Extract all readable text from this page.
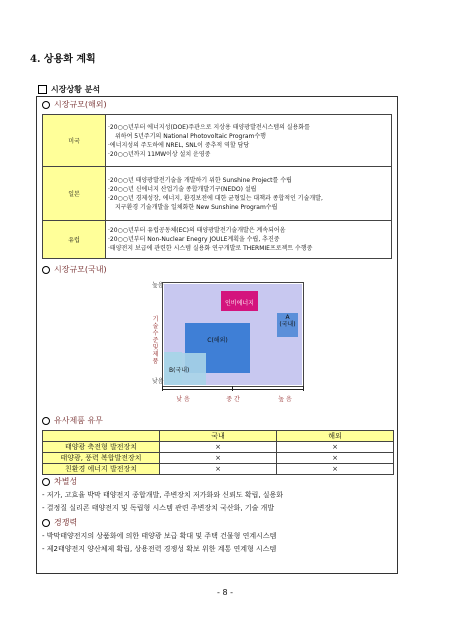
4. 상용화 계획
시장상황 분석
시장규모(해외)
미국	·20○○년부터 에너지성(DOE)주관으로 지상용 태양광발전시스템의 실용화를
위하여 5년주기의 National Photovoltaic Program수행
·에너지성의 주도하에 NREL, SNL이 중추적 역할 담당
·20○○년까지 11MW이상 설치 운영중

일본	·20○○년 태양광발전기술을 개발하기 위한 Sunshine Project를 수립
·20○○년 신에너지 산업기술 종합개발기구(NEDO) 설립
·20○○년 경제성장, 에너지, 환경보전에 대한 균형있는 대책과 종합적인 기술개발,
지구환경 기술개발을 일체화한 New Sunshine Program수립

유럽	·20○○년부터 유럽공동체(EC)의 태양광발전기술개발은 계속되어옴
·20○○년부터 Non-Nuclear Enegry JOULE계획을 수립, 추진중
·태양전지 보급에 관련한 시스템 실용화 연구개발로 THERMIE프로젝트 수행중
시장규모(국내)
높음
기술수준 및 제품
낮음
인비에너지
A
(국내)
C(해외)
B(국내)
낮 음	중 간	높 음
유사제품 유무
	국내	해외
태양광 축전형 발전장치	×	×
태양광, 풍력 복합발전장치	×	×
친환경 에너지 발전장치	×	×
차별성
- 저가, 고효율 박막 태양전지 종합개발, 주변장치 저가화와 신뢰도 확립, 실용화
- 결정질 실리콘 태양전지 및 독립형 시스템 관련 주변장치 국산화, 기술 개발
경쟁력
- 박막태양전지의 상품화에 의한 태양광 보급 확대 및 주택 건물형 연계시스템
- 제2태양전지 양산체제 확립, 상용전력 경쟁성 확보 위한 계통 연계형 시스템
- 8 -
